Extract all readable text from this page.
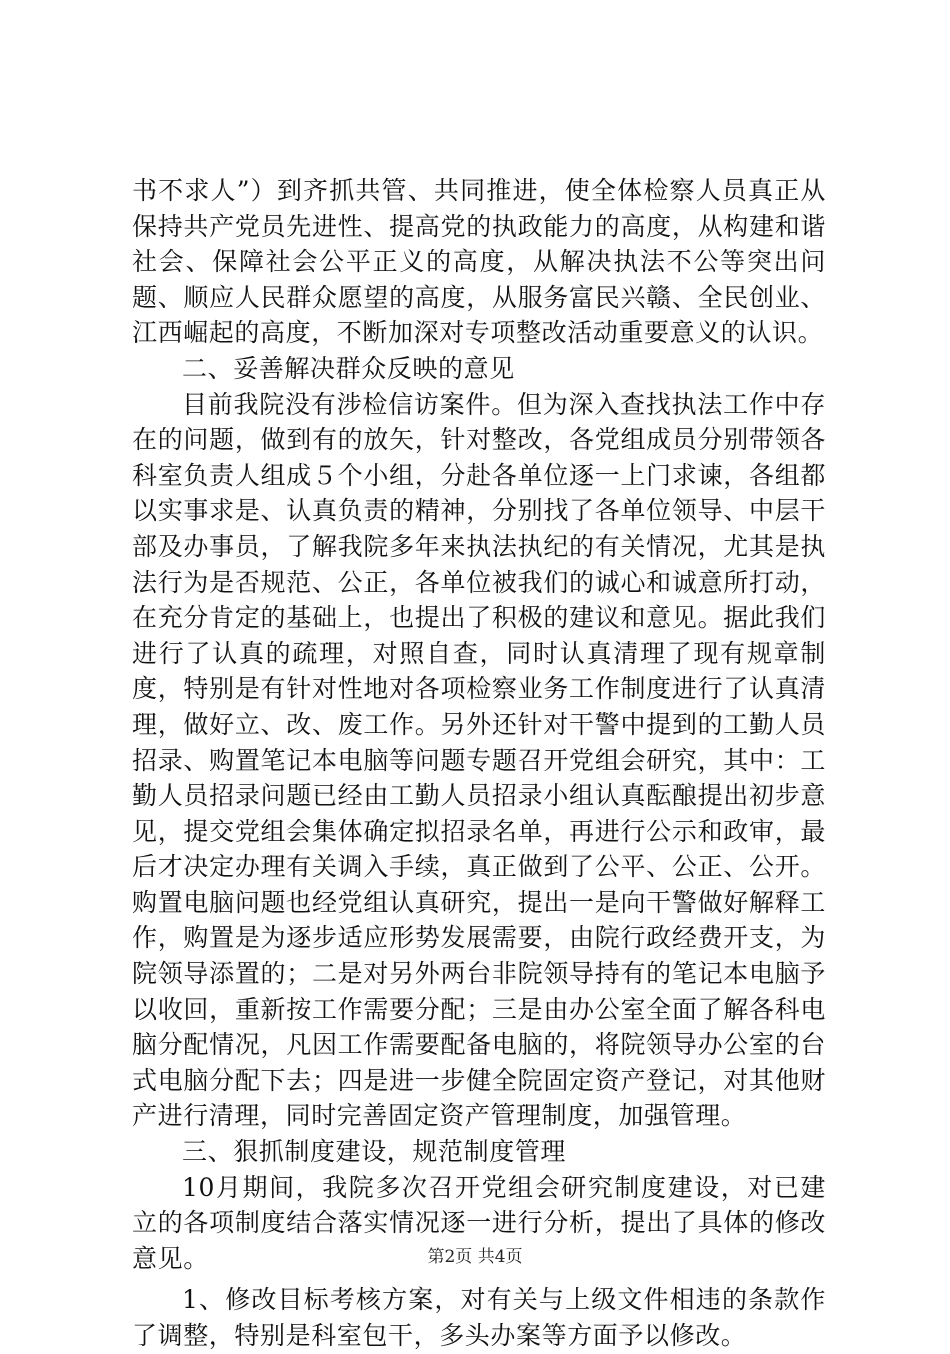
书不求人”）到齐抓共管、共同推进，使全体检察人员真正从保持共产党员先进性、提高党的执政能力的高度，从构建和谐社会、保障社会公平正义的高度，从解决执法不公等突出问题、顺应人民群众愿望的高度，从服务富民兴赣、全民创业、江西崛起的高度，不断加深对专项整改活动重要意义的认识。

二、妥善解决群众反映的意见

目前我院没有涉检信访案件。但为深入查找执法工作中存在的问题，做到有的放矢，针对整改，各党组成员分别带领各科室负责人组成５个小组，分赴各单位逐一上门求谏，各组都以实事求是、认真负责的精神，分别找了各单位领导、中层干部及办事员，了解我院多年来执法执纪的有关情况，尤其是执法行为是否规范、公正，各单位被我们的诚心和诚意所打动，在充分肯定的基础上，也提出了积极的建议和意见。据此我们进行了认真的疏理，对照自查，同时认真清理了现有规章制度，特别是有针对性地对各项检察业务工作制度进行了认真清理，做好立、改、废工作。另外还针对干警中提到的工勤人员招录、购置笔记本电脑等问题专题召开党组会研究，其中：工勤人员招录问题已经由工勤人员招录小组认真酝酿提出初步意见，提交党组会集体确定拟招录名单，再进行公示和政审，最后才决定办理有关调入手续，真正做到了公平、公正、公开。购置电脑问题也经党组认真研究，提出一是向干警做好解释工作，购置是为逐步适应形势发展需要，由院行政经费开支，为院领导添置的；二是对另外两台非院领导持有的笔记本电脑予以收回，重新按工作需要分配；三是由办公室全面了解各科电脑分配情况，凡因工作需要配备电脑的，将院领导办公室的台式电脑分配下去；四是进一步健全院固定资产登记，对其他财产进行清理，同时完善固定资产管理制度，加强管理。

三、狠抓制度建设，规范制度管理

10月期间，我院多次召开党组会研究制度建设，对已建立的各项制度结合落实情况逐一进行分析，提出了具体的修改意见。

1、修改目标考核方案，对有关与上级文件相违的条款作了调整，特别是科室包干，多头办案等方面予以修改。

第2页 共4页
